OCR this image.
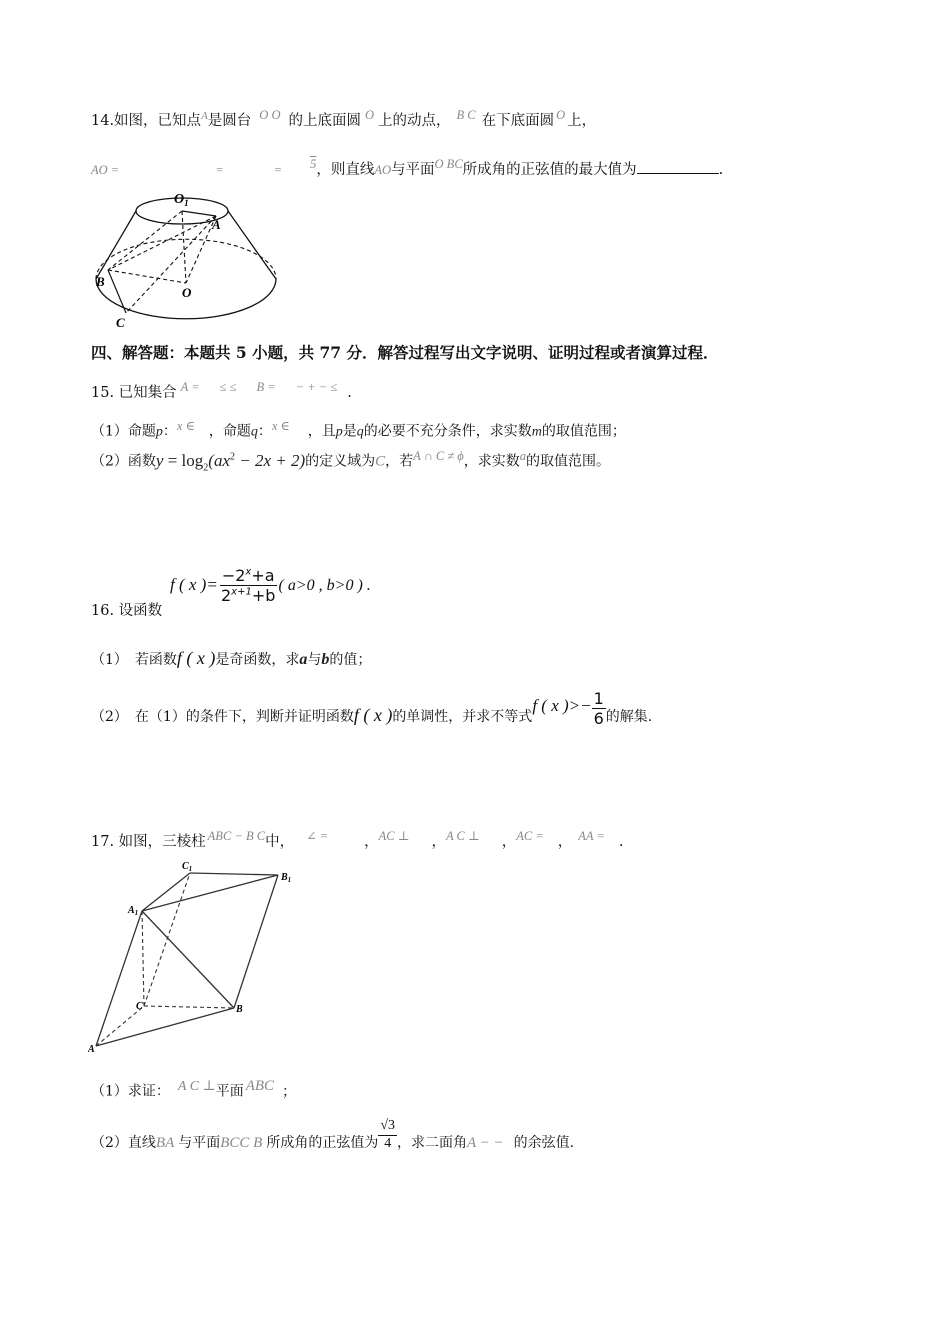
14.如图，已知点$^A$是圆台 $^{O O}$ 的上底面圆 $^O$ 上的动点， $^{B C}$ 在下底面圆 $^O$ 上，
AO =	=	= $^5$，则直线AO与平面$^{O BC}$所成角的正弦值的最大值为	.
$O_1$
A
B
O
C
四、解答题：本题共 5 小题，共 77 分．解答过程写出文字说明、证明过程或者演算过程．
15. 已知集合 $^{A =}$ ≤ ≤ $^{B =}$ − + − ≤ .
（1）命题p：$^{x \in}$ ，命题q：$^{x \in}$ ，且p是q的必要不充分条件，求实数m的取值范围；
（2）函数$y = \log_2(ax^2 - 2x + 2)$的定义域为C，若$^{A \cap C \ne \phi}$，求实数$^a$的取值范围。
16. 设函数
f ( x )= $\frac{-2^x+a}{2^{x+1}+b}$ ( a>0 , b>0 ) .
（1）　若函数f ( x )是奇函数，求a与b的值；
（2）　在（1）的条件下，判断并证明函数 f ( x ) 的单调性，并求不等式
f ( x )>− $\frac{1}{6}$ 的解集.
17. 如图，三棱柱 $^{ABC - B C}$中， ∠ = ，$^{AC \perp}$ ，$^{A C \perp}$ ，$^{AC =}$ ， $^{AA =}$ .
$C_1$
$B_1$
$A_1$
C	B
A
（1）求证： $^{A C \perp}$平面 $^{ABC}$ ；
（2）直线 BA 与平面 BCC B 所成角的正弦值为 $\frac{√3}{4}$ ，求二面角 A − − 的余弦值.
